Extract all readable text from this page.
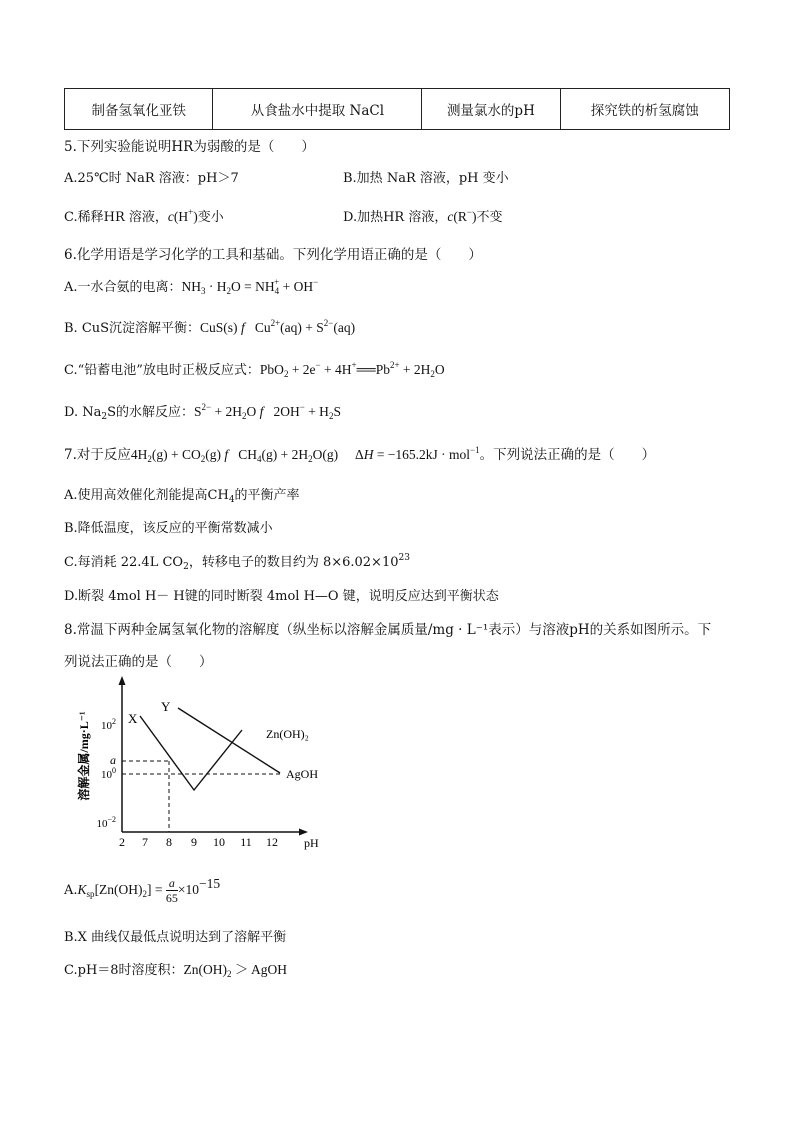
制备氢氧化亚铁	从食盐水中提取 NaCl	测量氯水的pH	探究铁的析氢腐蚀
5.下列实验能说明HR为弱酸的是（　　）
A.25℃时 NaR 溶液：pH＞7	B.加热 NaR 溶液，pH 变小
C.稀释HR 溶液，c(H+)变小	D.加热HR 溶液，c(R−)不变
6.化学用语是学习化学的工具和基础。下列化学用语正确的是（　　）
A.一水合氨的电离：$NH_3 \cdot H_2O = NH_4^+ + OH^-$
B. CuS沉淀溶解平衡：CuS(s) f   $Cu^{2+}(aq) + S^{2-}(aq)$
C.“铅蓄电池”放电时正极反应式：$PbO_2 + 2e^- + 4H^+══Pb^{2+} + 2H_2O$
D. $Na_2S$的水解反应：$S^{2-} + 2H_2O$ f   $2OH^- + H_2S$
7.对于反应$4H_2(g) + CO_2(g)$ f   $CH_4(g) + 2H_2O(g)$     ΔH = −165.2kJ · mol$^{-1}$。下列说法正确的是（　　）
A.使用高效催化剂能提高$CH_4$的平衡产率
B.降低温度，该反应的平衡常数减小
C.每消耗 22.4L $CO_2$，转移电子的数目约为 $8\times 6.02\times 10^{23}$
D.断裂 4mol H－ H键的同时断裂 4mol H—O 键，说明反应达到平衡状态
8.常温下两种金属氢氧化物的溶解度（纵坐标以溶解金属质量/mg · L⁻¹表示）与溶液pH的关系如图所示。下
列说法正确的是（　　）
溶解金属/mg·L⁻¹ $10^2$
a
$10^0$
$10^{-2}$
2 7 8 9 10 11 12 pH
X
Y
Zn(OH)₂
AgOH
$A.K_{sp}[Zn(OH)_2] = \frac{a}{65} \times 10^{-15}$
B.X 曲线仅最低点说明达到了溶解平衡
C.pH＝8时溶度积：$Zn(OH)_2$ ＞ AgOH
